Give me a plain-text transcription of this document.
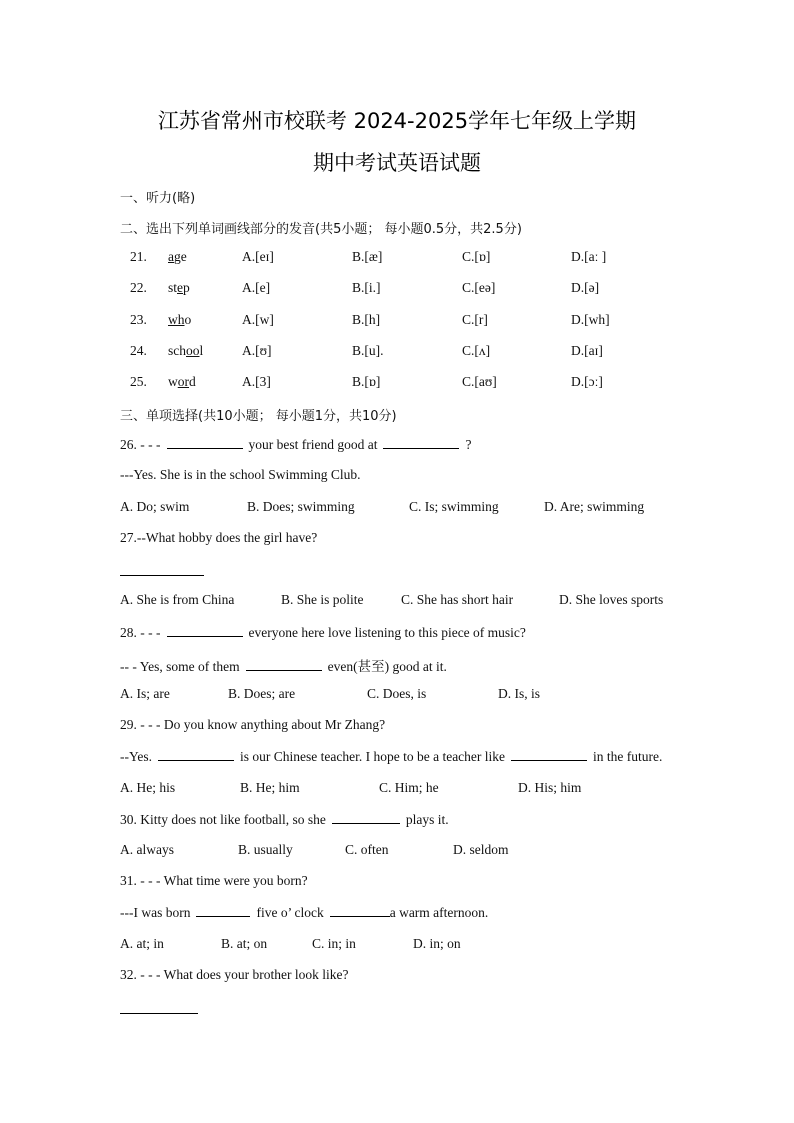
江苏省常州市校联考 2024-2025学年七年级上学期
期中考试英语试题
一、听力(略)
二、选出下列单词画线部分的发音(共5小题； 每小题0.5分，共2.5分)
21. age	A.[eɪ]	B.[æ]	C.[ɒ]	D.[aː ]
22. step	A.[e]	B.[i.]	C.[eə]	D.[ə]
23. who	A.[w]	B.[h]	C.[r]	D.[wh]
24. school	A.[ʊ]	B.[u].	C.[ʌ]	D.[aɪ]
25. word	A.[3]	B.[ɒ]	C.[aʊ]	D.[ɔː]
三、单项选择(共10小题； 每小题1分，共10分)
26. - - -	your best friend good at	?
---Yes. She is in the school Swimming Club.
A. Do; swim	B. Does; swimming	C. Is; swimming	D. Are; swimming
27.--What hobby does the girl have?
A. She is from China	B. She is polite	C. She has short hair	D. She loves sports
28. - - -	everyone here love listening to this piece of music?
-- - Yes, some of them	even(甚至) good at it.
A. Is; are	B. Does; are	C. Does, is	D. Is, is
29. - - - Do you know anything about Mr Zhang?
--Yes.	is our Chinese teacher. I hope to be a teacher like	in the future.
A. He; his	B. He; him	C. Him; he	D. His; him
30. Kitty does not like football, so she	plays it.
A. always	B. usually	C. often	D. seldom
31. - - - What time were you born?
---I was born	five o’ clock	a warm afternoon.
A. at; in	B. at; on	C. in; in	D. in; on
32. - - - What does your brother look like?
